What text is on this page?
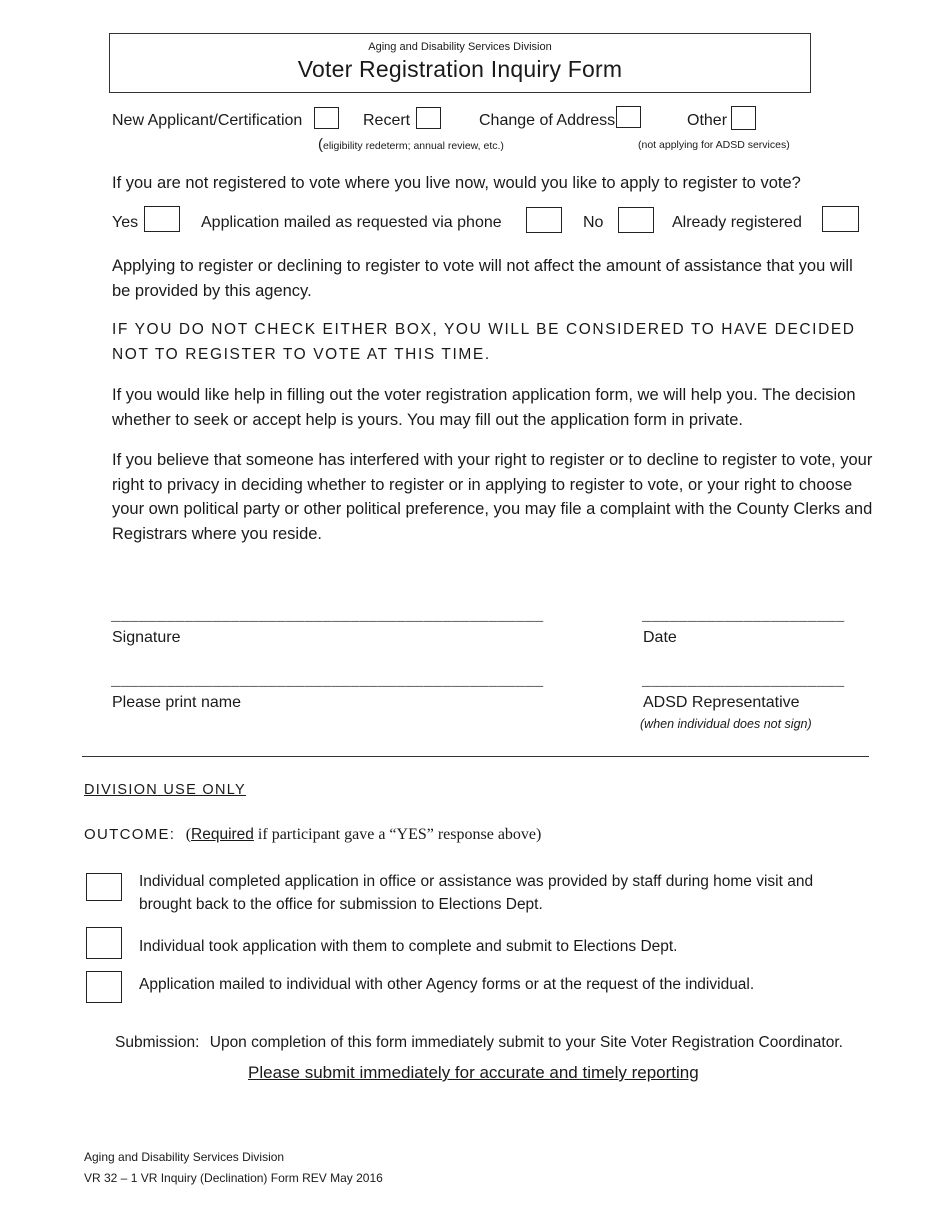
Aging and Disability Services Division
Voter Registration Inquiry Form
New Applicant/Certification	Recert	Change of Address	Other
(eligibility redeterm; annual review, etc.)	(not applying for ADSD services)
If you are not registered to vote where you live now, would you like to apply to register to vote?
Yes	Application mailed as requested via phone	No	Already registered
Applying to register or declining to register to vote will not affect the amount of assistance that you will be provided by this agency.
IF YOU DO NOT CHECK EITHER BOX, YOU WILL BE CONSIDERED TO HAVE DECIDED NOT TO REGISTER TO VOTE AT THIS TIME.
If you would like help in filling out the voter registration application form, we will help you. The decision whether to seek or accept help is yours. You may fill out the application form in private.
If you believe that someone has interfered with your right to register or to decline to register to vote, your right to privacy in deciding whether to register or in applying to register to vote, or your right to choose your own political party or other political preference, you may file a complaint with the County Clerks and Registrars where you reside.
_______________________________________________	______________________
Signature	Date
_______________________________________________	______________________
Please print name	ADSD Representative
(when individual does not sign)
DIVISION USE ONLY
OUTCOME: (Required if participant gave a “YES” response above)
Individual completed application in office or assistance was provided by staff during home visit and brought back to the office for submission to Elections Dept.
Individual took application with them to complete and submit to Elections Dept.
Application mailed to individual with other Agency forms or at the request of the individual.
Submission: Upon completion of this form immediately submit to your Site Voter Registration Coordinator.
Please submit immediately for accurate and timely reporting
Aging and Disability Services Division
VR 32 – 1 VR Inquiry (Declination) Form REV May 2016
